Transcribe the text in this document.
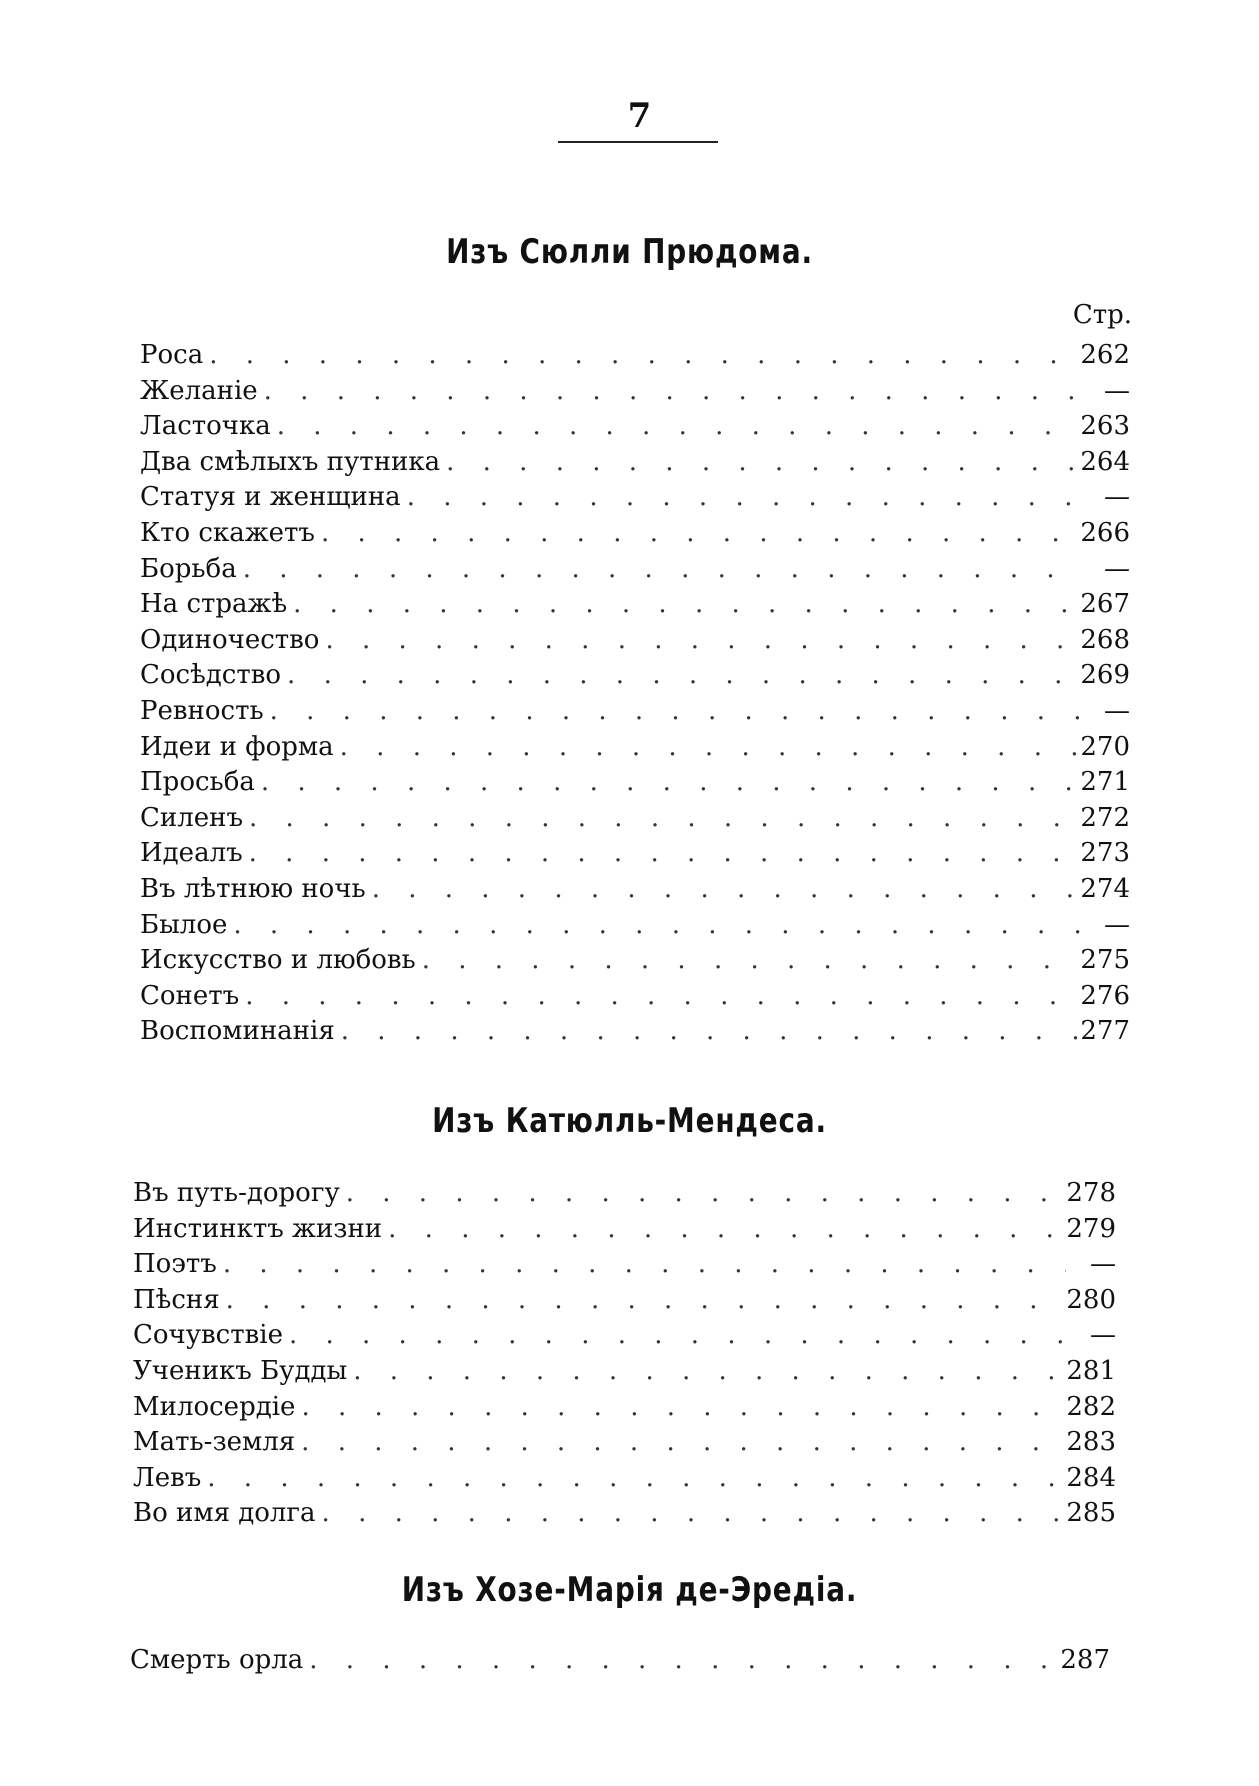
7
Изъ Сюлли Прюдома.
Стр.
Роса . . .	262
Желаніе . . .	—
Ласточка . . .	263
Два смѣлыхъ путника . . .	264
Статуя и женщина . . .	—
Кто скажетъ . . .	266
Борьба . . .	—
На стражѣ . . .	267
Одиночество . . .	268
Сосѣдство . . .	269
Ревность . . .	—
Идеи и форма . . .	270
Просьба . . .	271
Силенъ . . .	272
Идеалъ . . .	273
Въ лѣтнюю ночь . . .	274
Былое . . .	—
Искусство и любовь . . .	275
Сонетъ . . .	276
Воспоминанія . . .	277
Изъ Катюлль-Мендеса.
Въ путь-дорогу . . .	278
Инстинктъ жизни . . .	279
Поэтъ . . .	—
Пѣсня . . .	280
Сочувствіе . . .	—
Ученикъ Будды . . .	281
Милосердіе . . .	282
Мать-земля . . .	283
Левъ . . .	284
Во имя долга . . .	285
Изъ Хозе-Марія де-Эредіа.
Смерть орла . . .	287
